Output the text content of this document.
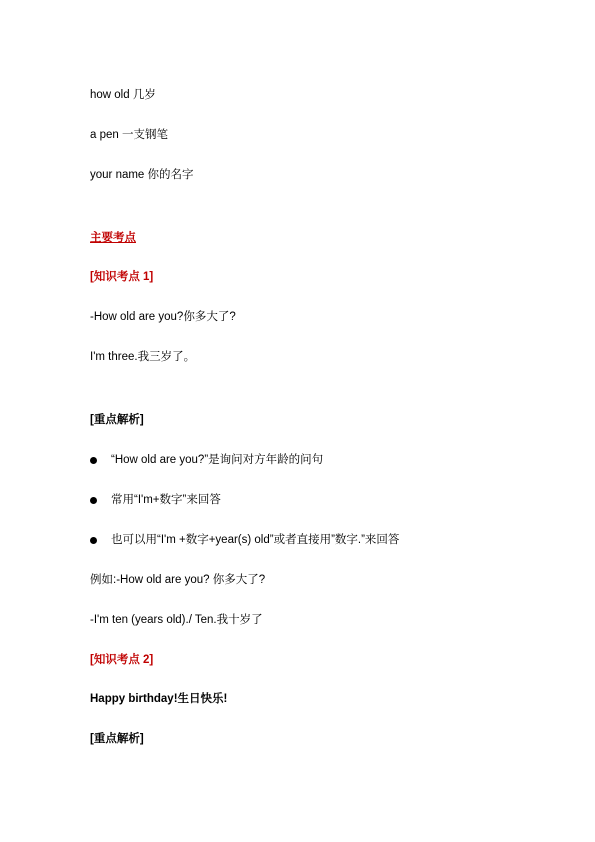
how old 几岁
a pen 一支钢笔
your name 你的名字
主要考点
[知识考点 1]
-How old are you?你多大了?
I'm three.我三岁了。
[重点解析]
“How old are you?”是询问对方年龄的问句
常用“I'm+数字”来回答
也可以用“I'm +数字+year(s) old”或者直接用”数字.”来回答
例如:-How old are you? 你多大了?
-I'm ten (years old)./ Ten.我十岁了
[知识考点 2]
Happy birthday!生日快乐!
[重点解析]
